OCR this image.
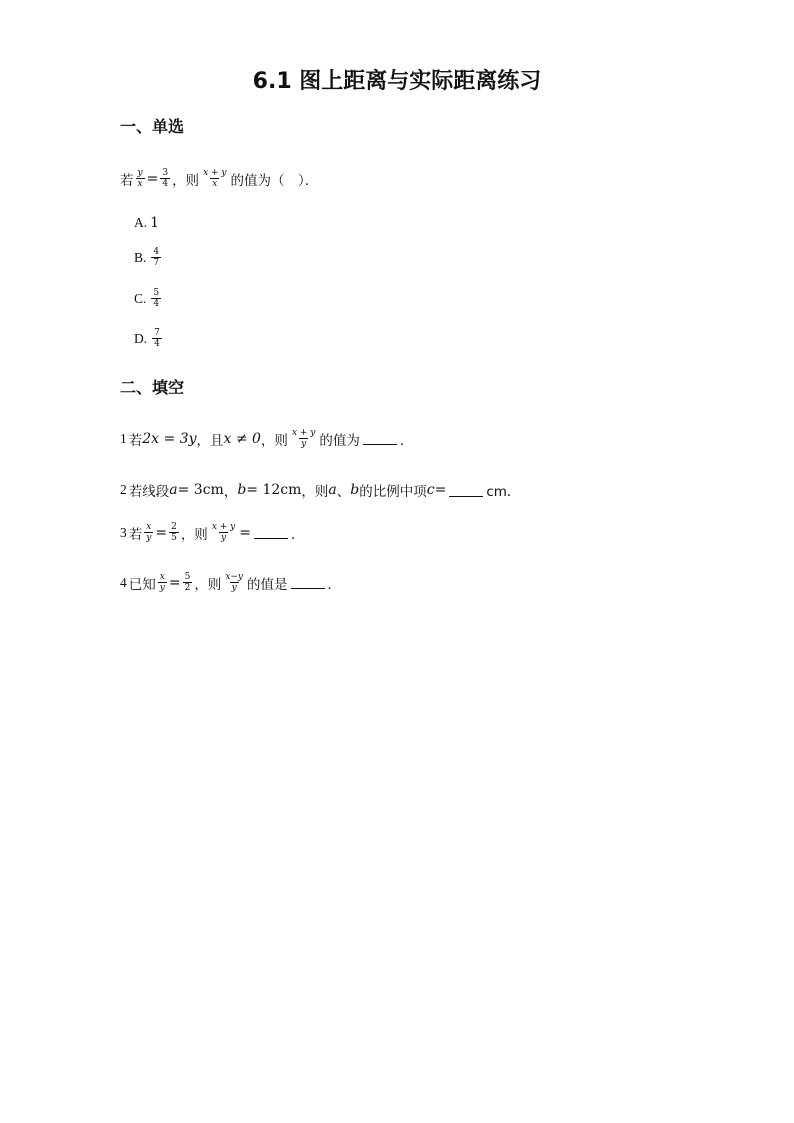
6.1 图上距离与实际距离练习
一、单选
若 $\frac{y}{x} = \frac{3}{4}$ ，则 $\frac{x + y}{x}$ 的值为（　）．
A. 1
B. $\frac{4}{7}$
C. $\frac{5}{4}$
D. $\frac{7}{4}$
二、填空
1 若 2x = 3y ，且 x ≠ 0 ，则 $\frac{x + y}{y}$ 的值为	．
2 若线段 a = 3cm ， b = 12cm ，则 a 、 b 的比例中项 c =	cm．
3 若 $\frac{x}{y} = \frac{2}{5}$ ，则 $\frac{x + y}{y}$ =	．
4 已知 $\frac{x}{y} = \frac{5}{2}$ ，则 $\frac{x-y}{y}$ 的值是	．
